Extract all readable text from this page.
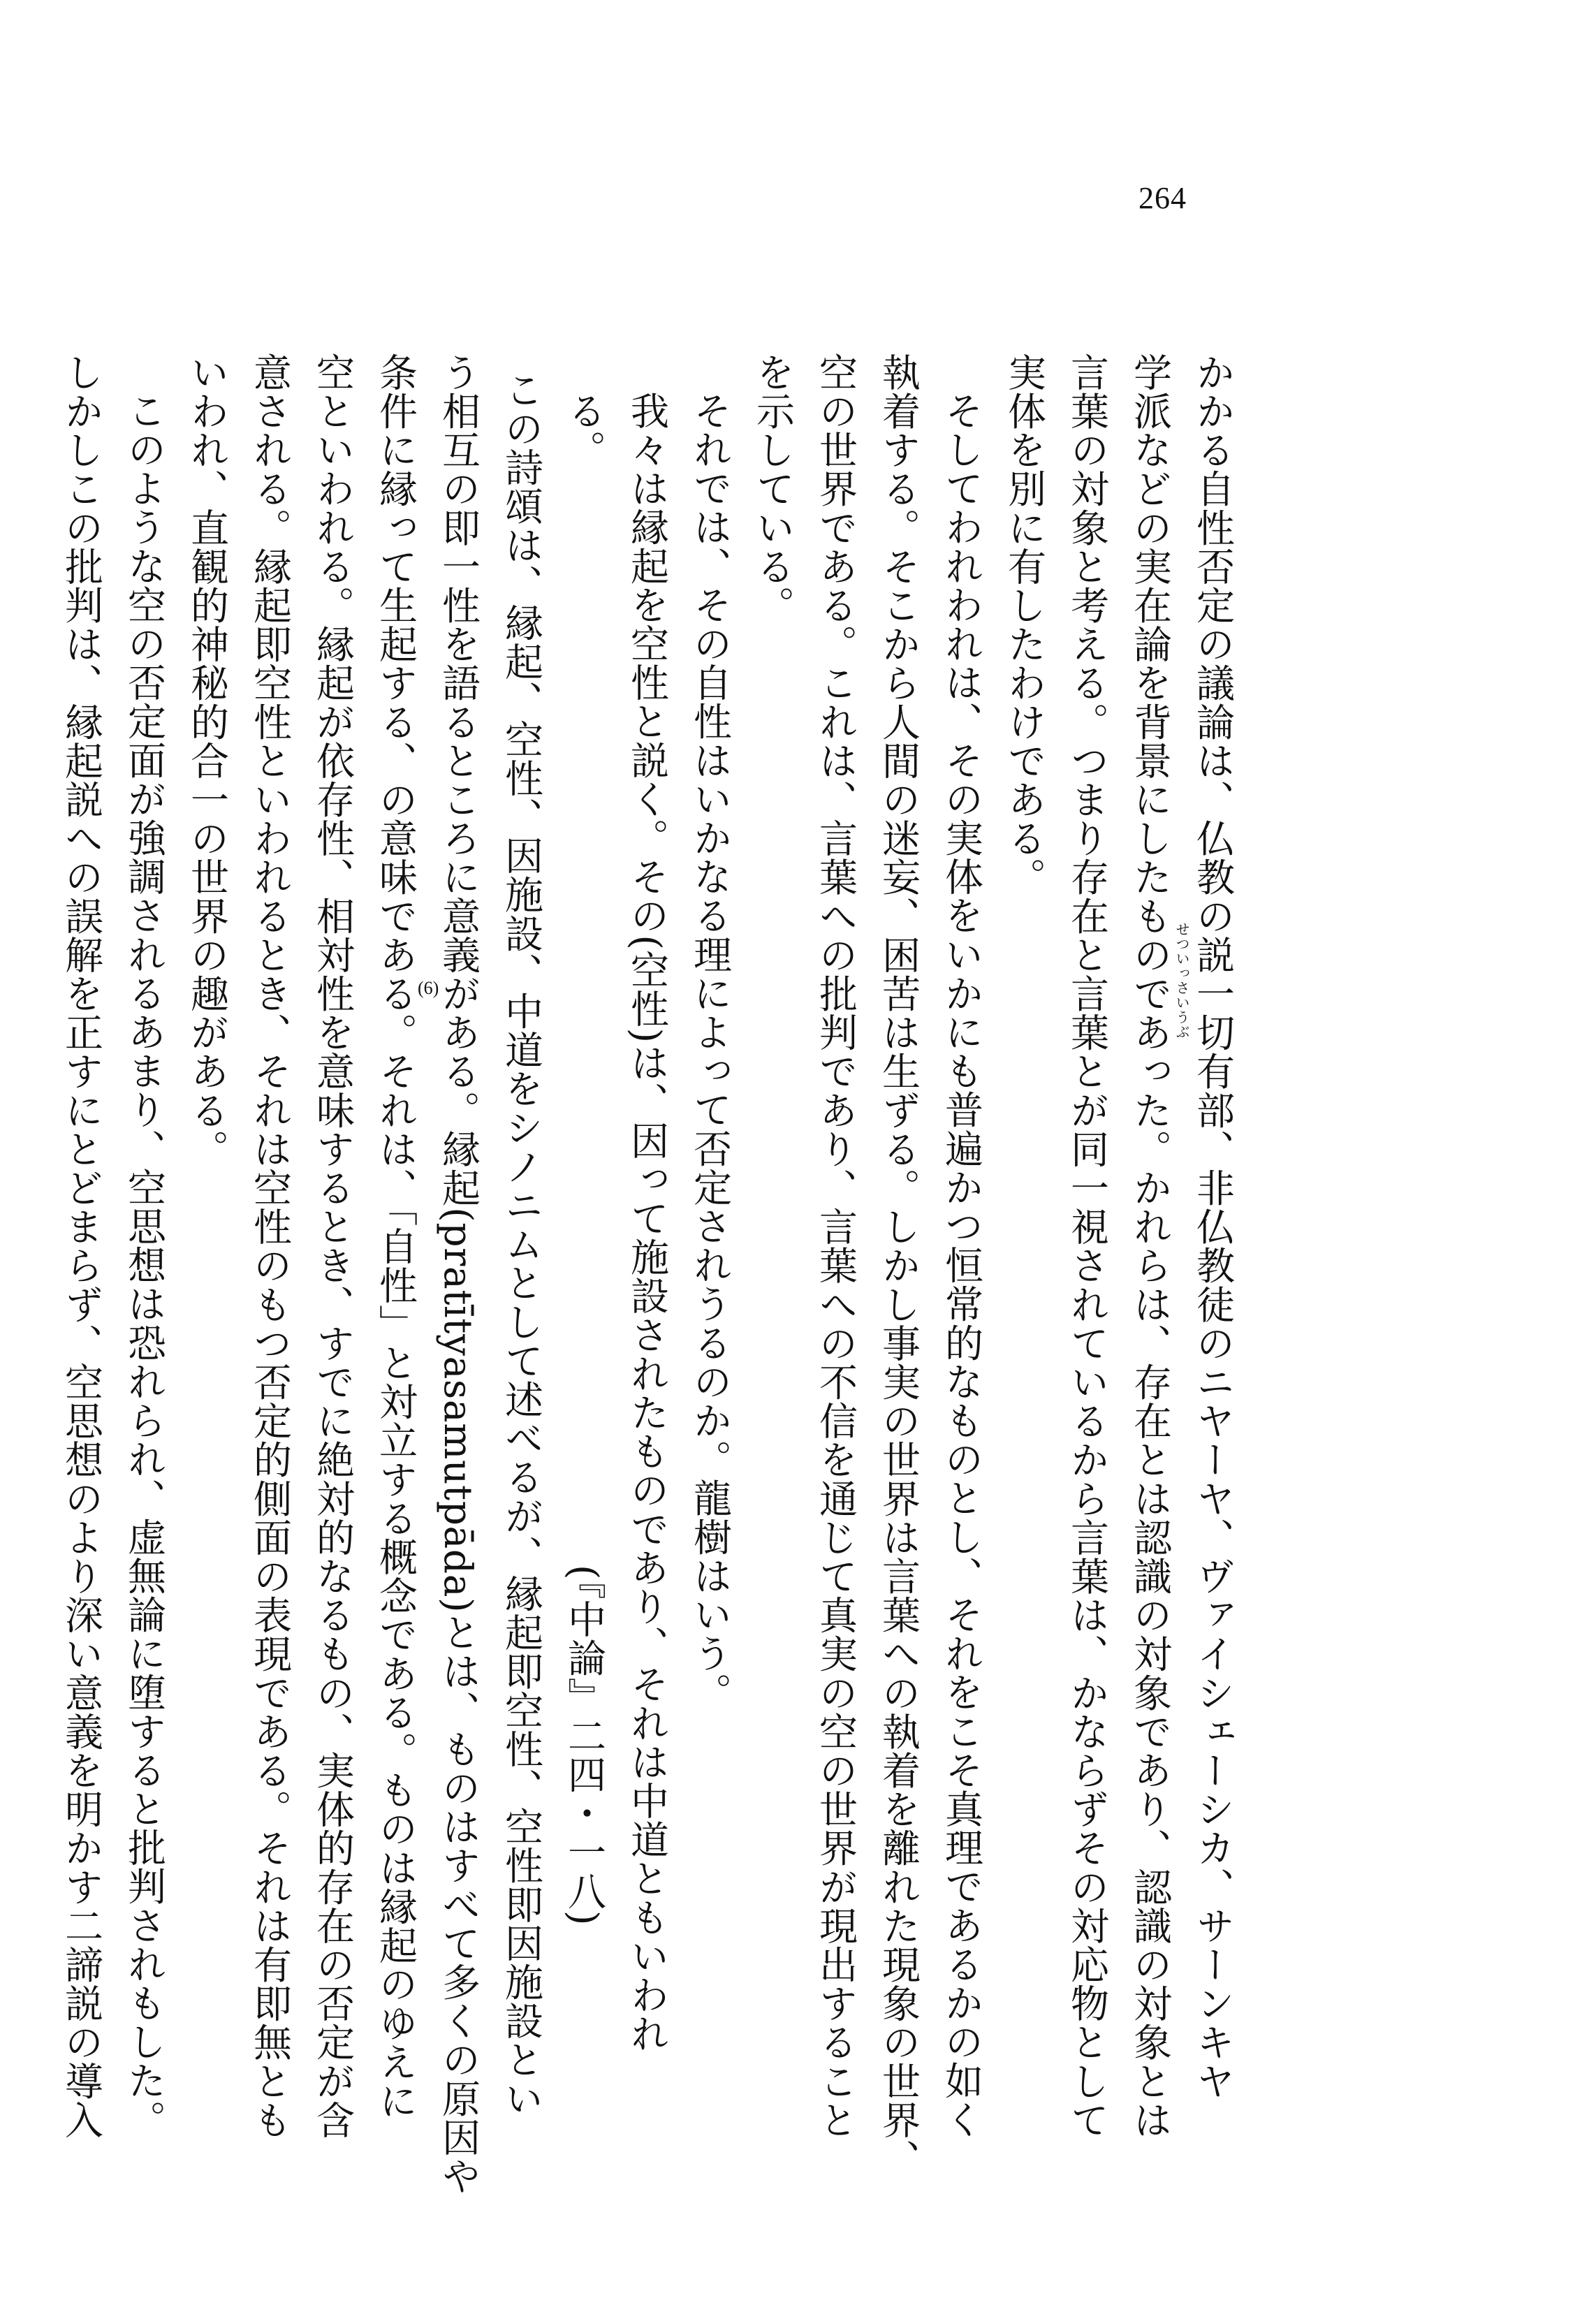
264
かかる自性否定の議論は、仏教の説一切有部、非仏教徒のニヤーヤ、ヴァイシェーシカ、サーンキヤ
学派などの実在論を背景にしたものであった。かれらは、存在とは認識の対象であり、認識の対象とは
言葉の対象と考える。つまり存在と言葉とが同一視されているから言葉は、かならずその対応物として
実体を別に有したわけである。
そしてわれわれは、その実体をいかにも普遍かつ恒常的なものとし、それをこそ真理であるかの如く
執着する。そこから人間の迷妄、困苦は生ずる。しかし事実の世界は言葉への執着を離れた現象の世界、
空の世界である。これは、言葉への批判であり、言葉への不信を通じて真実の空の世界が現出すること
を示している。
それでは、その自性はいかなる理によって否定されうるのか。龍樹はいう。
我々は縁起を空性と説く。その(空性)は、因って施設されたものであり、それは中道ともいわれ
る。
(『中論』二四・一八)
この詩頌は、縁起、空性、因施設、中道をシノニムとして述べるが、縁起即空性、空性即因施設とい
う相互の即一性を語るところに意義がある。縁起(pratītyasamutpāda)とは、ものはすべて多くの原因や
条件に縁って生起する、の意味である。それは、「自性」と対立する概念である。ものは縁起のゆえに
空といわれる。縁起が依存性、相対性を意味するとき、すでに絶対的なるもの、実体的存在の否定が含
意される。縁起即空性といわれるとき、それは空性のもつ否定的側面の表現である。それは有即無とも
いわれ、直観的神秘的合一の世界の趣がある。
このような空の否定面が強調されるあまり、空思想は恐れられ、虚無論に堕すると批判されもした。
しかしこの批判は、縁起説への誤解を正すにとどまらず、空思想のより深い意義を明かす二諦説の導入	せついっさいうぶ
(6)
